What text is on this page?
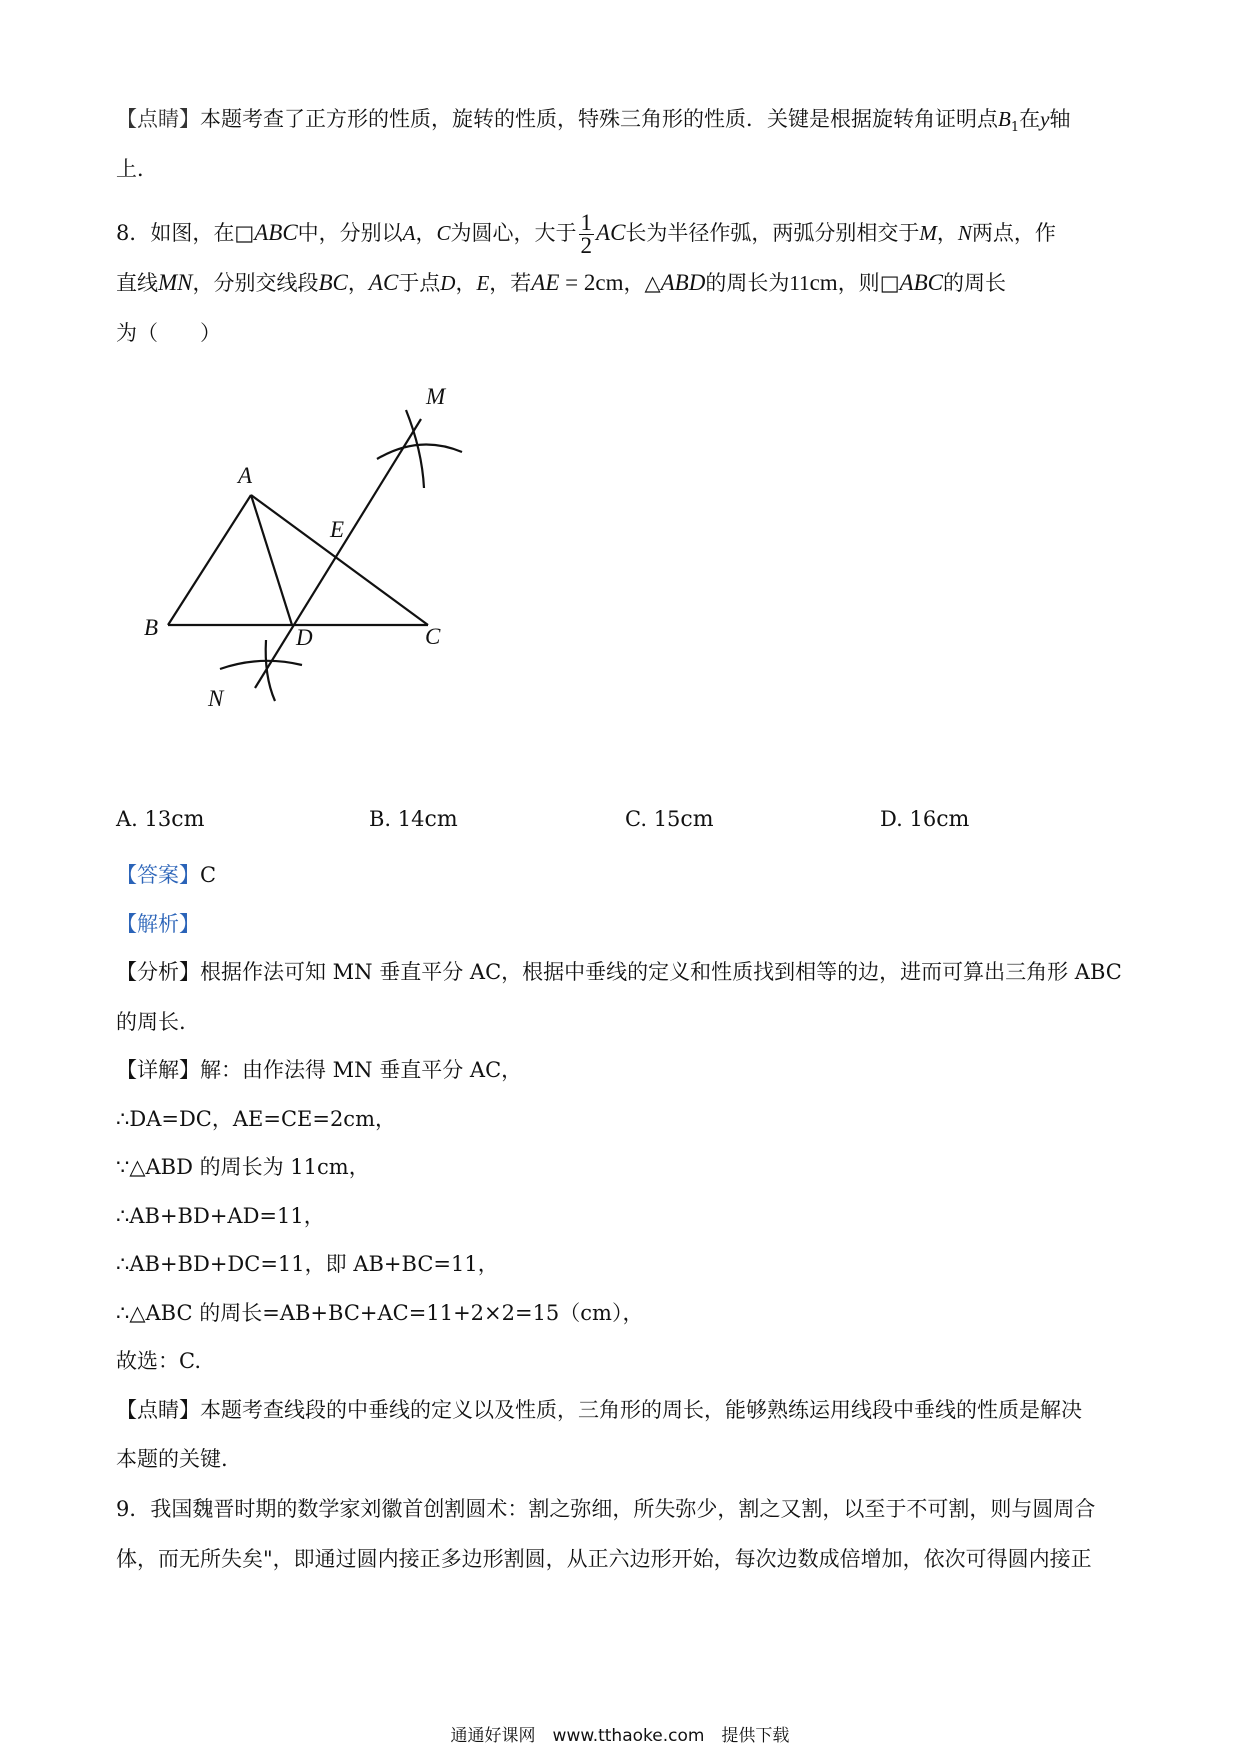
【点睛】本题考查了正方形的性质，旋转的性质，特殊三角形的性质．关键是根据旋转角证明点$B_1$在y轴
上．
8．如图，在□ABC中，分别以A，C为圆心，大于 $\frac{1}{2}$ AC长为半径作弧，两弧分别相交于M，N两点，作
直线MN，分别交线段BC，AC于点D，E，若AE = 2cm，△ABD的周长为11cm，则□ABC的周长
为（　　）
A
B	C
D
E
M
N
A. 13cm	B. 14cm	C. 15cm	D. 16cm
【答案】C
【解析】
【分析】根据作法可知 MN 垂直平分 AC，根据中垂线的定义和性质找到相等的边，进而可算出三角形 ABC
的周长.
【详解】解：由作法得 MN 垂直平分 AC，
∴DA=DC，AE=CE=2cm，
∵△ABD 的周长为 11cm，
∴AB+BD+AD=11，
∴AB+BD+DC=11，即 AB+BC=11，
∴△ABC 的周长=AB+BC+AC=11+2×2=15（cm），
故选：C.
【点睛】本题考查线段的中垂线的定义以及性质，三角形的周长，能够熟练运用线段中垂线的性质是解决
本题的关键.
9．我国魏晋时期的数学家刘徽首创割圆术：割之弥细，所失弥少，割之又割，以至于不可割，则与圆周合
体，而无所失矣"，即通过圆内接正多边形割圆，从正六边形开始，每次边数成倍增加，依次可得圆内接正
通通好课网　www.tthaoke.com　提供下载
